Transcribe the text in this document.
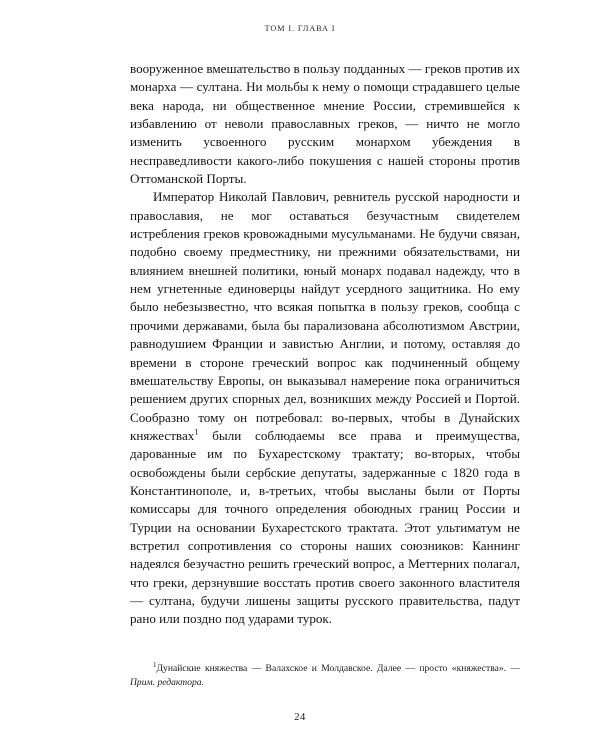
ТОМ I. ГЛАВА I

вооруженное вмешательство в пользу подданных — греков против их монарха — султана. Ни мольбы к нему о помощи страдавшего целые века народа, ни общественное мнение России, стремившейся к избавлению от неволи православных греков, — ничто не могло изменить усвоенного русским монархом убеждения в несправедливости какого-либо покушения с нашей стороны против Оттоманской Порты.

Император Николай Павлович, ревнитель русской народности и православия, не мог оставаться безучастным свидетелем истребления греков кровожадными мусульманами. Не будучи связан, подобно своему предместнику, ни прежними обязательствами, ни влиянием внешней политики, юный монарх подавал надежду, что в нем угнетенные единоверцы найдут усердного защитника. Но ему было небезызвестно, что всякая попытка в пользу греков, сообща с прочими державами, была бы парализована абсолютизмом Австрии, равнодушием Франции и завистью Англии, и потому, оставляя до времени в стороне греческий вопрос как подчиненный общему вмешательству Европы, он выказывал намерение пока ограничиться решением других спорных дел, возникших между Россией и Портой. Сообразно тому он потребовал: во-первых, чтобы в Дунайских княжествах$^1$ были соблюдаемы все права и преимущества, дарованные им по Бухарестскому трактату; во-вторых, чтобы освобождены были сербские депутаты, задержанные с 1820 года в Константинополе, и, в-третьих, чтобы высланы были от Порты комиссары для точного определения обоюдных границ России и Турции на основании Бухарестского трактата. Этот ультиматум не встретил сопротивления со стороны наших союзников: Каннинг надеялся безучастно решить греческий вопрос, а Меттерних полагал, что греки, дерзнувшие восстать против своего законного властителя — султана, будучи лишены защиты русского правительства, падут рано или поздно под ударами турок.

$^1$Дунайские княжества — Валахское и Молдавское. Далее — просто «княжества». — Прим. редактора.

24
